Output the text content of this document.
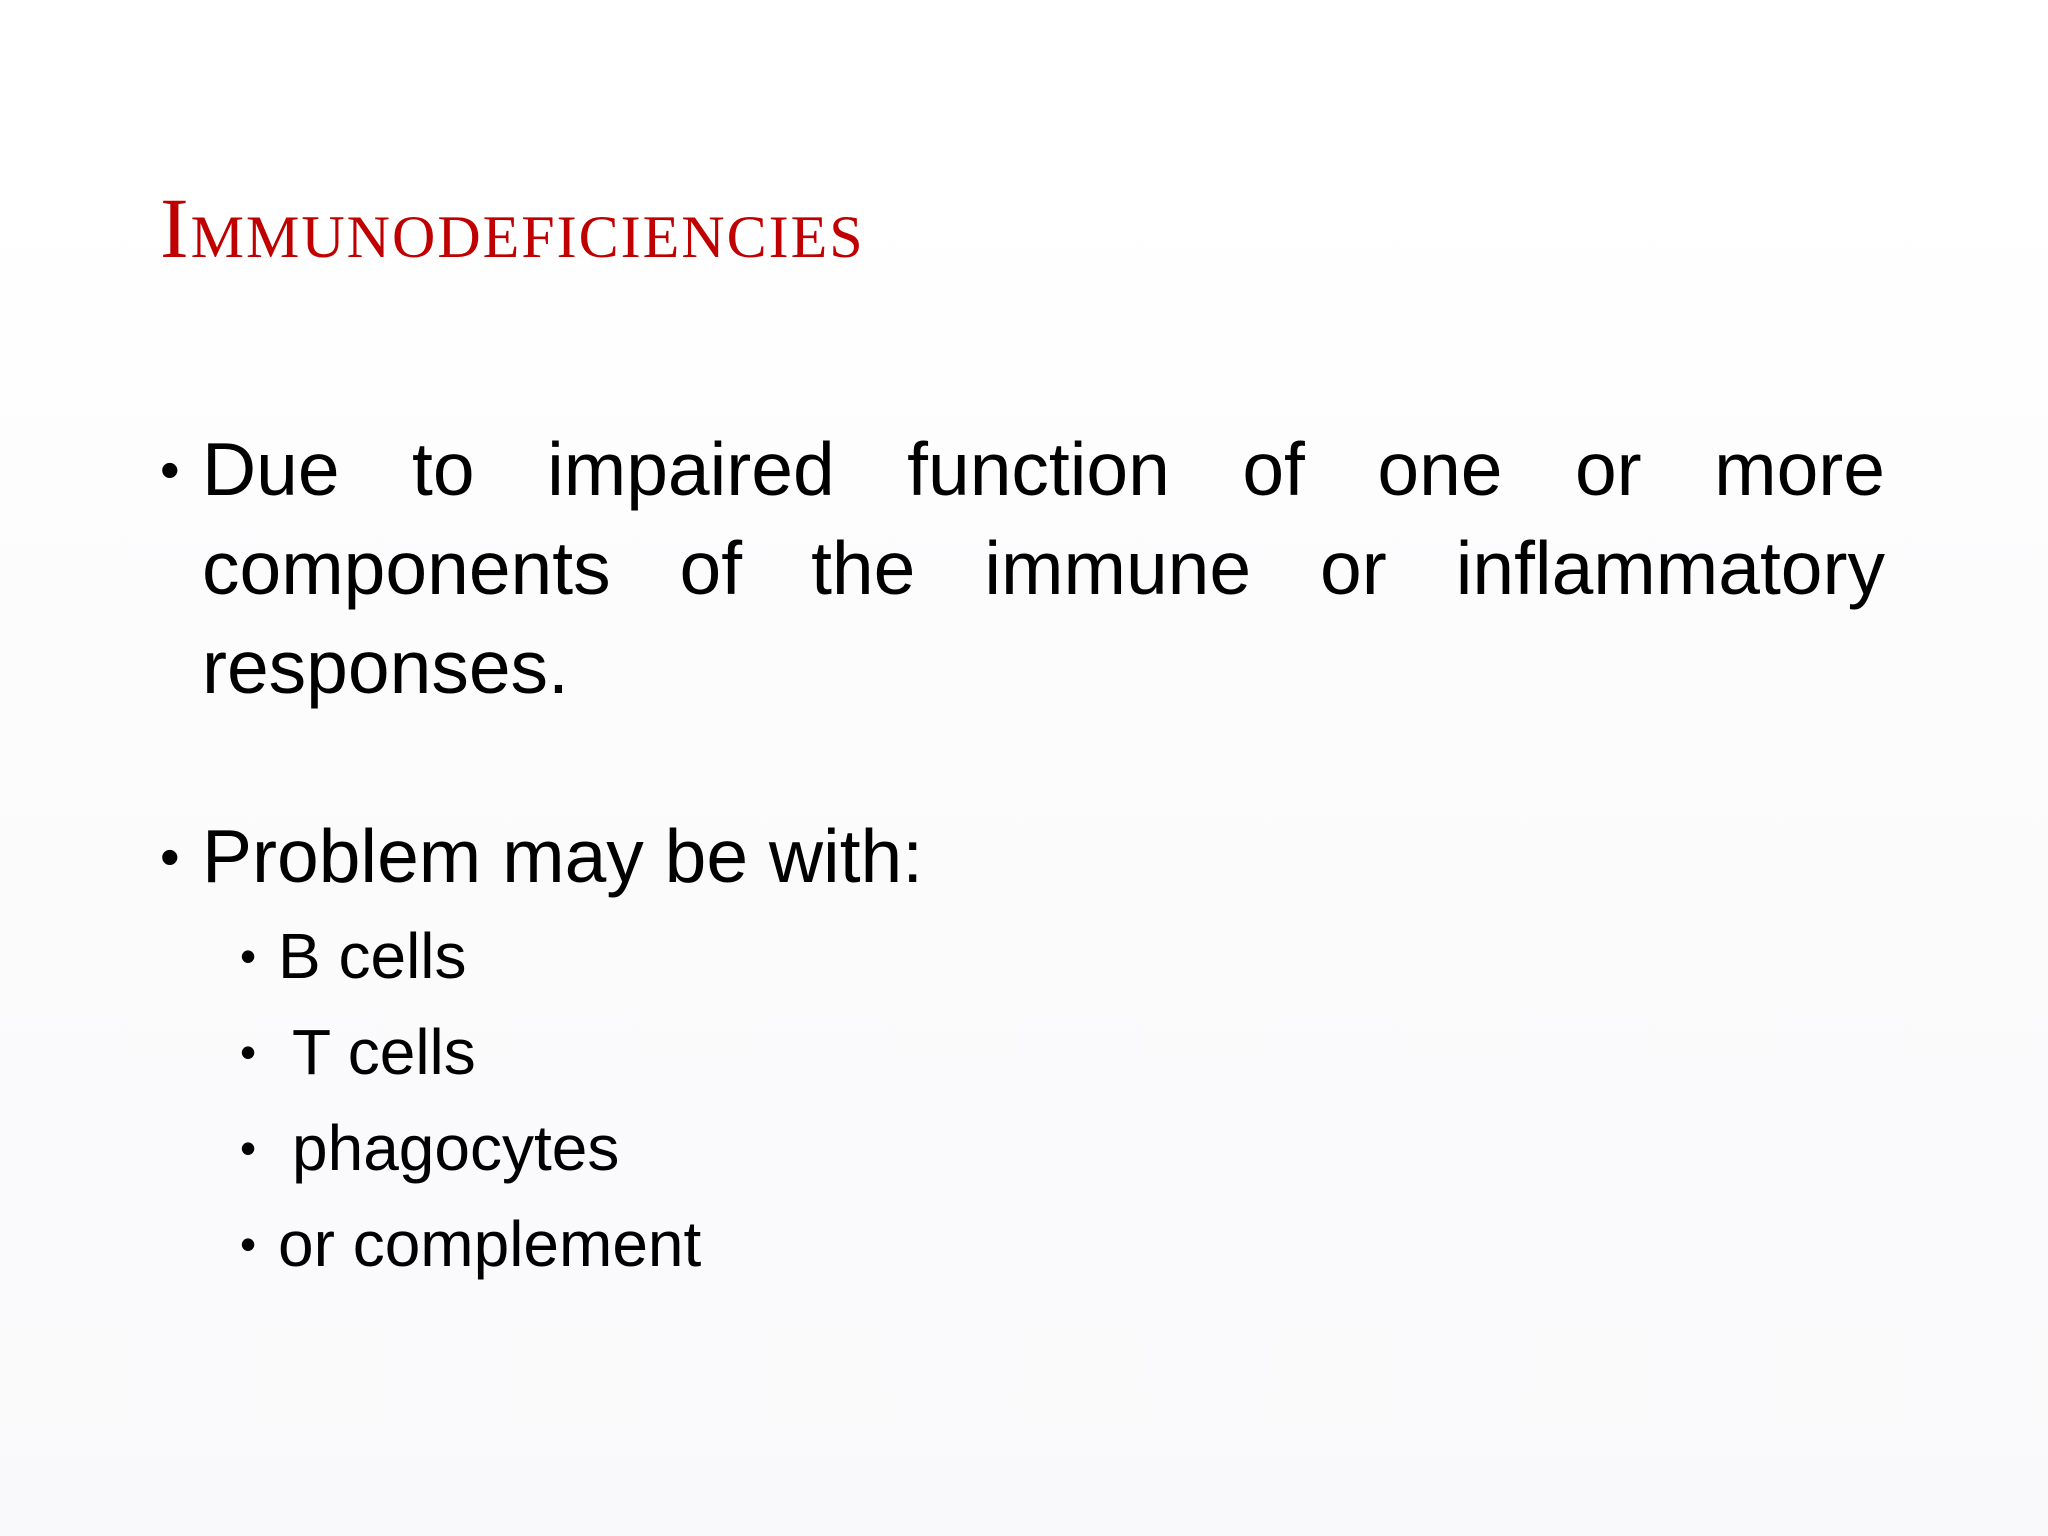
Immunodeficiencies
• Due to impaired function of one or more components of the immune or inflammatory responses.
• Problem may be with:
• B cells
• T cells
• phagocytes
• or complement
